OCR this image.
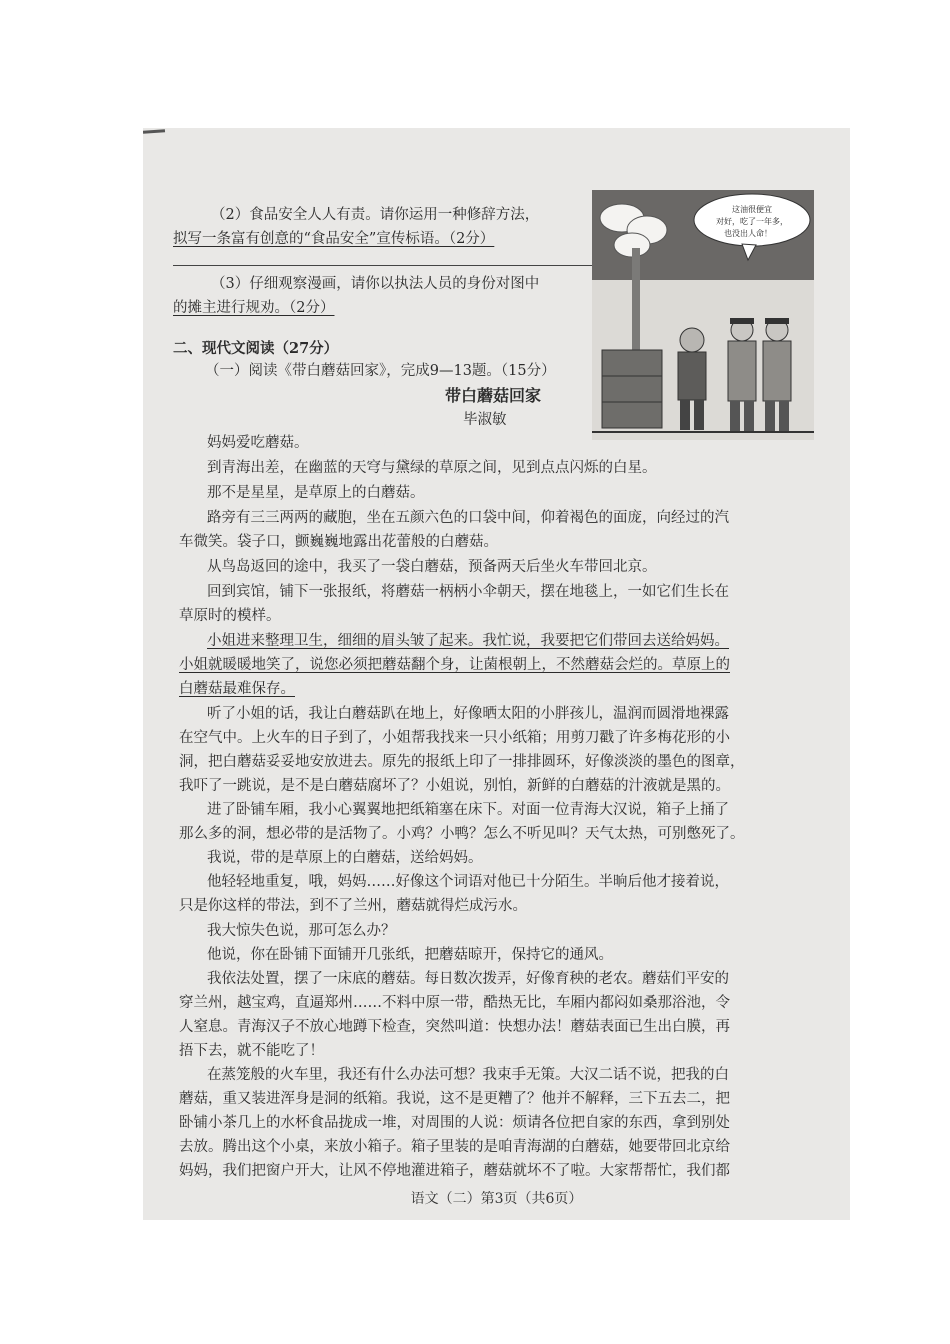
（2）食品安全人人有责。请你运用一种修辞方法，
拟写一条富有创意的“食品安全”宣传标语。（2分）
（3）仔细观察漫画，请你以执法人员的身份对图中
的摊主进行规劝。（2分）
二、现代文阅读（27分）
（一）阅读《带白蘑菇回家》，完成9—13题。（15分）
带白蘑菇回家
毕淑敏
这油很便宜
对好，吃了一年多，
也没出人命！
妈妈爱吃蘑菇。
到青海出差，在幽蓝的天穹与黛绿的草原之间，见到点点闪烁的白星。
那不是星星，是草原上的白蘑菇。
路旁有三三两两的藏胞，坐在五颜六色的口袋中间，仰着褐色的面庞，向经过的汽
车微笑。袋子口，颤巍巍地露出花蕾般的白蘑菇。
从鸟岛返回的途中，我买了一袋白蘑菇，预备两天后坐火车带回北京。
回到宾馆，铺下一张报纸，将蘑菇一柄柄小伞朝天，摆在地毯上，一如它们生长在
草原时的模样。
小姐进来整理卫生，细细的眉头皱了起来。我忙说，我要把它们带回去送给妈妈。
小姐就暖暖地笑了，说您必须把蘑菇翻个身，让菌根朝上，不然蘑菇会烂的。草原上的
白蘑菇最难保存。
听了小姐的话，我让白蘑菇趴在地上，好像晒太阳的小胖孩儿，温润而圆滑地裸露
在空气中。上火车的日子到了，小姐帮我找来一只小纸箱；用剪刀戳了许多梅花形的小
洞，把白蘑菇妥妥地安放进去。原先的报纸上印了一排排圆环，好像淡淡的墨色的图章，
我吓了一跳说，是不是白蘑菇腐坏了？小姐说，别怕，新鲜的白蘑菇的汁液就是黑的。
进了卧铺车厢，我小心翼翼地把纸箱塞在床下。对面一位青海大汉说，箱子上捅了
那么多的洞，想必带的是活物了。小鸡？小鸭？怎么不听见叫？天气太热，可别憋死了。
我说，带的是草原上的白蘑菇，送给妈妈。
他轻轻地重复，哦，妈妈……好像这个词语对他已十分陌生。半晌后他才接着说，
只是你这样的带法，到不了兰州，蘑菇就得烂成污水。
我大惊失色说，那可怎么办？
他说，你在卧铺下面铺开几张纸，把蘑菇晾开，保持它的通风。
我依法处置，摆了一床底的蘑菇。每日数次拨弄，好像育秧的老农。蘑菇们平安的
穿兰州，越宝鸡，直逼郑州……不料中原一带，酷热无比，车厢内都闷如桑那浴池，令
人窒息。青海汉子不放心地蹲下检查，突然叫道：快想办法！蘑菇表面已生出白膜，再
捂下去，就不能吃了！
在蒸笼般的火车里，我还有什么办法可想？我束手无策。大汉二话不说，把我的白
蘑菇，重又装进浑身是洞的纸箱。我说，这不是更糟了？他并不解释，三下五去二，把
卧铺小茶几上的水杯食品拢成一堆，对周围的人说：烦请各位把自家的东西，拿到别处
去放。腾出这个小桌，来放小箱子。箱子里装的是咱青海湖的白蘑菇，她要带回北京给
妈妈，我们把窗户开大，让风不停地灌进箱子，蘑菇就坏不了啦。大家帮帮忙，我们都
语文（二）第3页（共6页）
